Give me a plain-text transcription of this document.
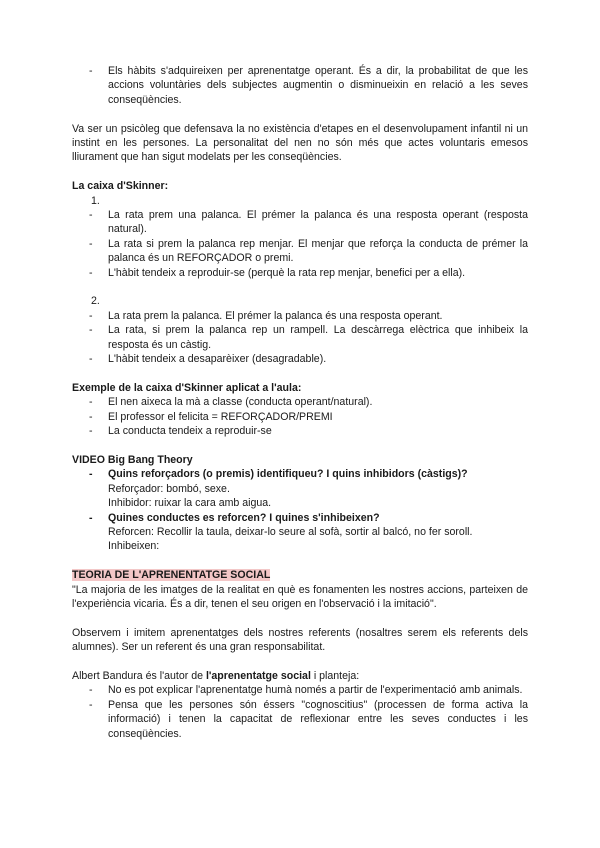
- Els hàbits s'adquireixen per aprenentatge operant. És a dir, la probabilitat de que les accions voluntàries dels subjectes augmentin o disminueixin en relació a les seves conseqüències.

Va ser un psicòleg que defensava la no existència d'etapes en el desenvolupament infantil ni un instint en les persones. La personalitat del nen no són més que actes voluntaris emesos lliurament que han sigut modelats per les conseqüències.

La caixa d'Skinner:
1.
- La rata prem una palanca. El prémer la palanca és una resposta operant (resposta natural).
- La rata si prem la palanca rep menjar. El menjar que reforça la conducta de prémer la palanca és un REFORÇADOR o premi.
- L'hàbit tendeix a reproduir-se (perquè la rata rep menjar, benefici per a ella).
2.
- La rata prem la palanca. El prémer la palanca és una resposta operant.
- La rata, si prem la palanca rep un rampell. La descàrrega elèctrica que inhibeix la resposta és un càstig.
- L'hàbit tendeix a desaparèixer (desagradable).
Exemple de la caixa d'Skinner aplicat a l'aula:
- El nen aixeca la mà a classe (conducta operant/natural).
- El professor el felicita = REFORÇADOR/PREMI
- La conducta tendeix a reproduir-se
VIDEO Big Bang Theory
- Quins reforçadors (o premis) identifiqueu? I quins inhibidors (càstigs)?
Reforçador: bombó, sexe.
Inhibidor: ruixar la cara amb aigua.
- Quines conductes es reforcen? I quines s'inhibeixen?
Reforcen: Recollir la taula, deixar-lo seure al sofà, sortir al balcó, no fer soroll.
Inhibeixen:
TEORIA DE L'APRENENTATGE SOCIAL

"La majoria de les imatges de la realitat en què es fonamenten les nostres accions, parteixen de l'experiència vicaria. És a dir, tenen el seu origen en l'observació i la imitació".

Observem i imitem aprenentatges dels nostres referents (nosaltres serem els referents dels alumnes). Ser un referent és una gran responsabilitat.

Albert Bandura és l'autor de l'aprenentatge social i planteja:

- No es pot explicar l'aprenentatge humà només a partir de l'experimentació amb animals.
- Pensa que les persones són éssers "cognoscitius" (processen de forma activa la informació) i tenen la capacitat de reflexionar entre les seves conductes i les conseqüències.
